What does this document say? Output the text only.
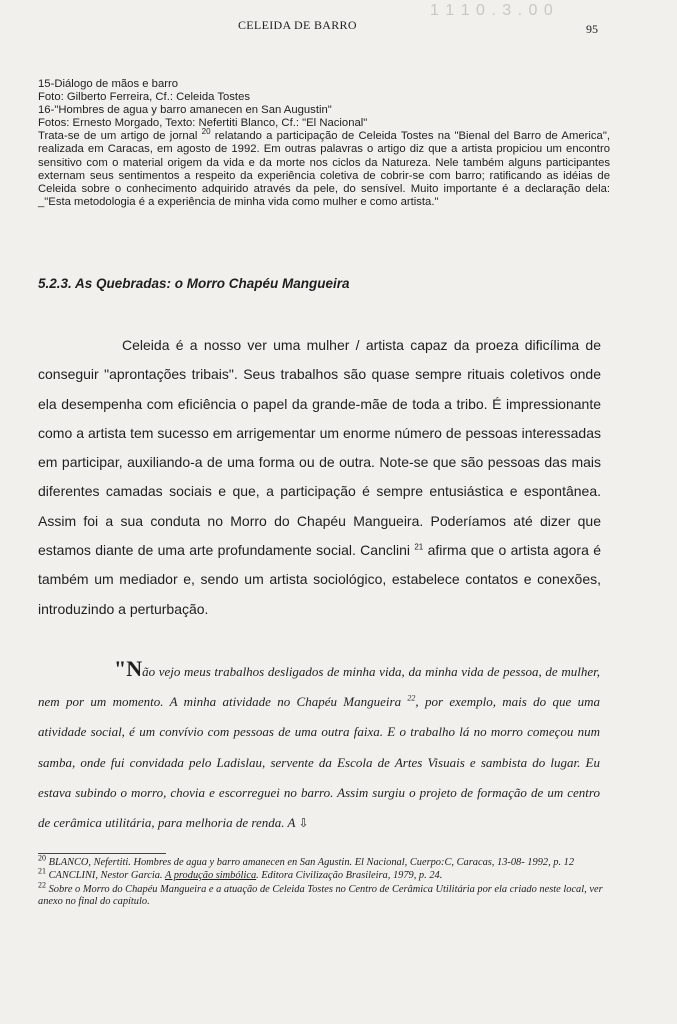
1 1 1 0 . 3 . 0 0
CELEIDA DE BARRO	95

15-Diálogo de mãos e barro

Foto: Gilberto Ferreira, Cf.: Celeida Tostes

16-"Hombres de agua y barro amanecen en San Augustin"

Fotos: Ernesto Morgado, Texto: Nefertiti Blanco, Cf.: "El Nacional"

Trata-se de um artigo de jornal $^{20}$ relatando a participação de Celeida Tostes na "Bienal del Barro de America", realizada em Caracas, em agosto de 1992. Em outras palavras o artigo diz que a artista propiciou um encontro sensitivo com o material origem da vida e da morte nos ciclos da Natureza. Nele também alguns participantes externam seus sentimentos a respeito da experiência coletiva de cobrir-se com barro; ratificando as idéias de Celeida sobre o conhecimento adquirido através da pele, do sensível. Muito importante é a declaração dela: _"Esta metodologia é a experiência de minha vida como mulher e como artista."

5.2.3. As Quebradas: o Morro Chapéu Mangueira

Celeida é a nosso ver uma mulher / artista capaz da proeza dificílima de conseguir "aprontações tribais". Seus trabalhos são quase sempre rituais coletivos onde ela desempenha com eficiência o papel da grande-mãe de toda a tribo. É impressionante como a artista tem sucesso em arrigementar um enorme número de pessoas interessadas em participar, auxiliando-a de uma forma ou de outra. Note-se que são pessoas das mais diferentes camadas sociais e que, a participação é sempre entusiástica e espontânea. Assim foi a sua conduta no Morro do Chapéu Mangueira. Poderíamos até dizer que estamos diante de uma arte profundamente social. Canclini $^{21}$ afirma que o artista agora é também um mediador e, sendo um artista sociológico, estabelece contatos e conexões, introduzindo a perturbação.

"Não vejo meus trabalhos desligados de minha vida, da minha vida de pessoa, de mulher, nem por um momento. A minha atividade no Chapéu Mangueira $^{22}$, por exemplo, mais do que uma atividade social, é um convívio com pessoas de uma outra faixa. E o trabalho lá no morro começou num samba, onde fui convidada pelo Ladislau, servente da Escola de Artes Visuais e sambista do lugar. Eu estava subindo o morro, chovia e escorreguei no barro. Assim surgiu o projeto de formação de um centro de cerâmica utilitária, para melhoria de renda. A ⇩

$^{20}$ BLANCO, Nefertiti. Hombres de agua y barro amanecen en San Agustin. El Nacional, Cuerpo:C, Caracas, 13-08- 1992, p. 12

$^{21}$ CANCLINI, Nestor Garcia. A produção simbólica. Editora Civilização Brasileira, 1979, p. 24.

$^{22}$ Sobre o Morro do Chapéu Mangueira e a atuação de Celeida Tostes no Centro de Cerâmica Utilitária por ela criado neste local, ver anexo no final do capítulo.
